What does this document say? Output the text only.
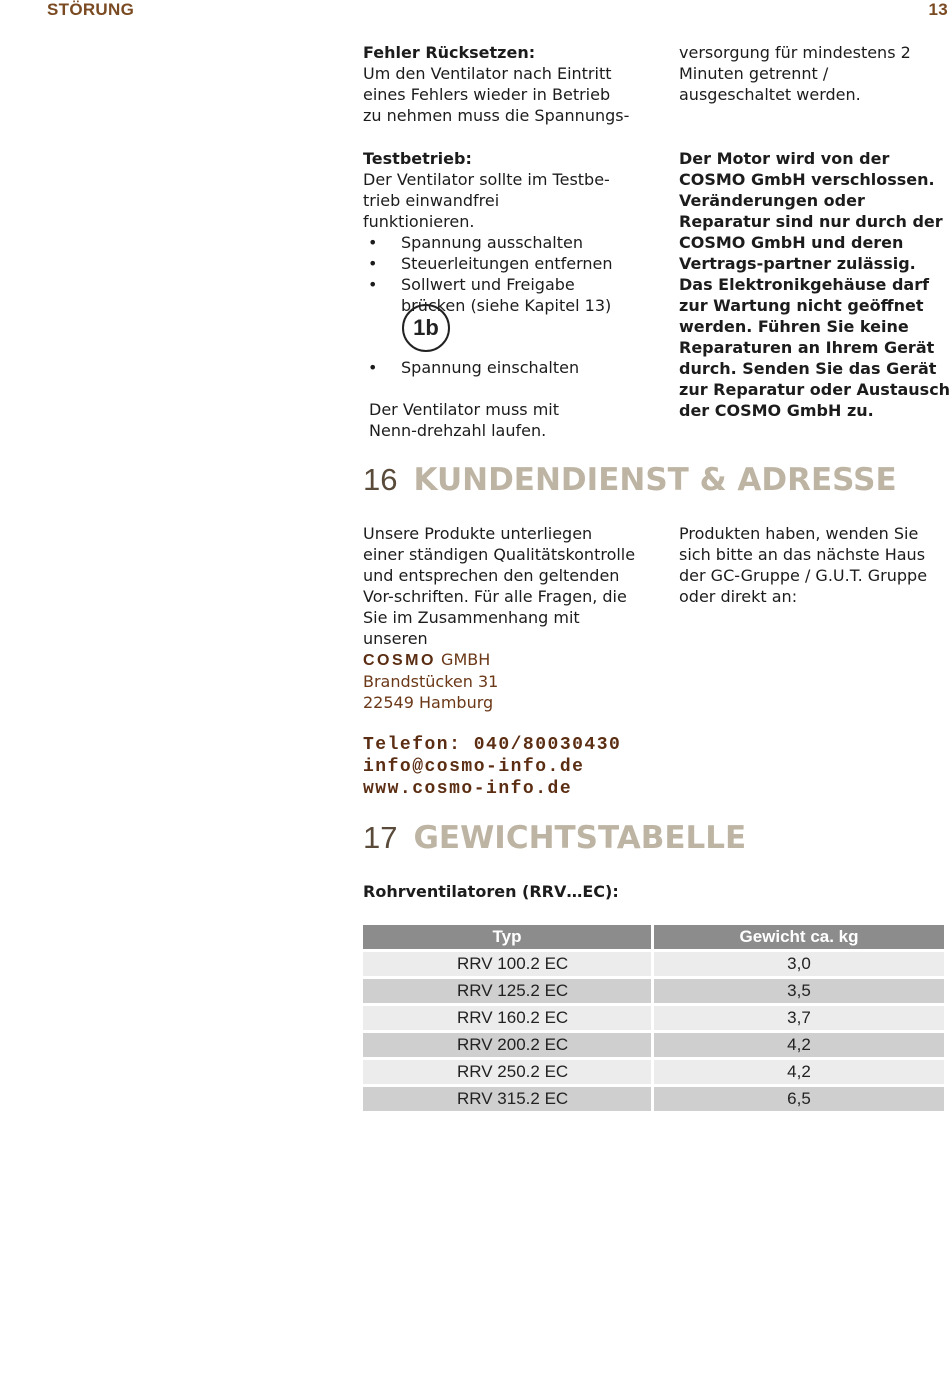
STÖRUNG	13
Fehler Rücksetzen:
Um den Ventilator nach Eintritt eines Fehlers wieder in Betrieb zu nehmen muss die Spannungs-
versorgung für mindestens 2 Minuten getrennt / ausgeschaltet werden.
Testbetrieb:
Der Ventilator sollte im Testbe-trieb einwandfrei funktionieren.
• Spannung ausschalten
• Steuerleitungen entfernen
• Sollwert und Freigabe brücken (siehe Kapitel 13)
1b
• Spannung einschalten
Der Ventilator muss mit Nenn-drehzahl laufen.
Der Motor wird von der COSMO GmbH verschlossen. Veränderungen oder Reparatur sind nur durch der COSMO GmbH und deren Vertrags-partner zulässig. Das Elektronikgehäuse darf zur Wartung nicht geöffnet werden. Führen Sie keine Reparaturen an Ihrem Gerät durch. Senden Sie das Gerät zur Reparatur oder Austausch der COSMO GmbH zu.
16 KUNDENDIENST & ADRESSE
Unsere Produkte unterliegen einer ständigen Qualitätskontrolle und entsprechen den geltenden Vor-schriften. Für alle Fragen, die Sie im Zusammenhang mit unseren
Produkten haben, wenden Sie sich bitte an das nächste Haus der GC-Gruppe / G.U.T. Gruppe oder direkt an:
COSMO GMBH
Brandstücken 31
22549 Hamburg
Telefon: 040/80030430
info@cosmo-info.de
www.cosmo-info.de
17 GEWICHTSTABELLE
Rohrventilatoren (RRV…EC):
Typ		Gewicht ca. kg
RRV 100.2 EC		3,0
RRV 125.2 EC		3,5
RRV 160.2 EC		3,7
RRV 200.2 EC		4,2
RRV 250.2 EC		4,2
RRV 315.2 EC		6,5
